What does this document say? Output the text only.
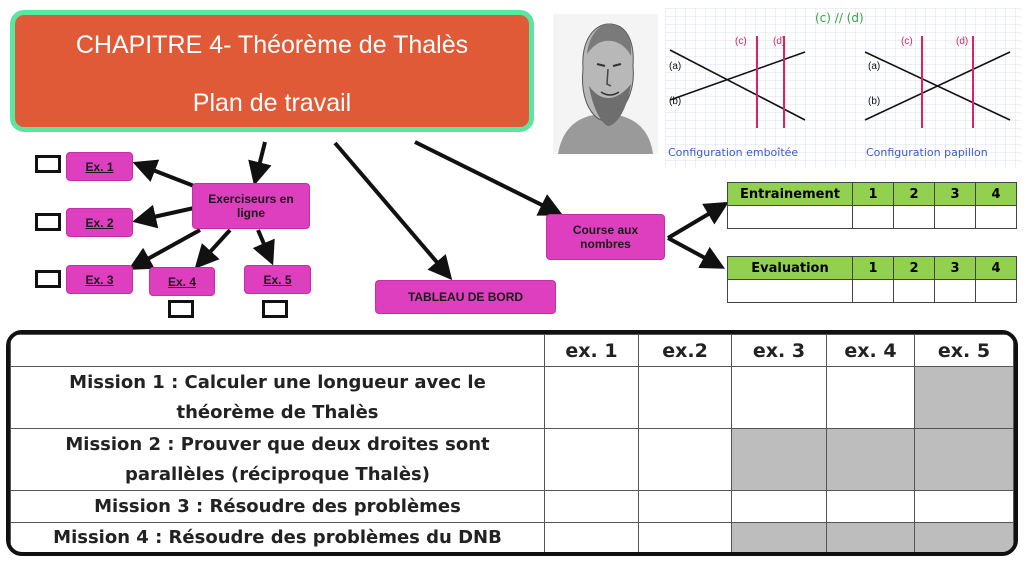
CHAPITRE 4- Théorème de Thalès
Plan de travail
Exerciseurs en ligne
Ex. 1
Ex. 2
Ex. 3	Ex. 4	Ex. 5
TABLEAU DE BORD
Course aux nombres
(c) // (d)
(c)	(d)
(a)
(b)
Configuration emboîtée
(c)	(d)
(a)
(b)
Configuration papillon
Entrainement	1	2	3	4

Evaluation	1	2	3	4

	ex. 1	ex.2	ex. 3	ex. 4	ex. 5

Mission 1 : Calculer une longueur avec le
théorème de Thalès					

Mission 2 : Prouver que deux droites sont
parallèles (réciproque Thalès)					

Mission 3 : Résoudre des problèmes					

Mission 4 : Résoudre des problèmes du DNB					
